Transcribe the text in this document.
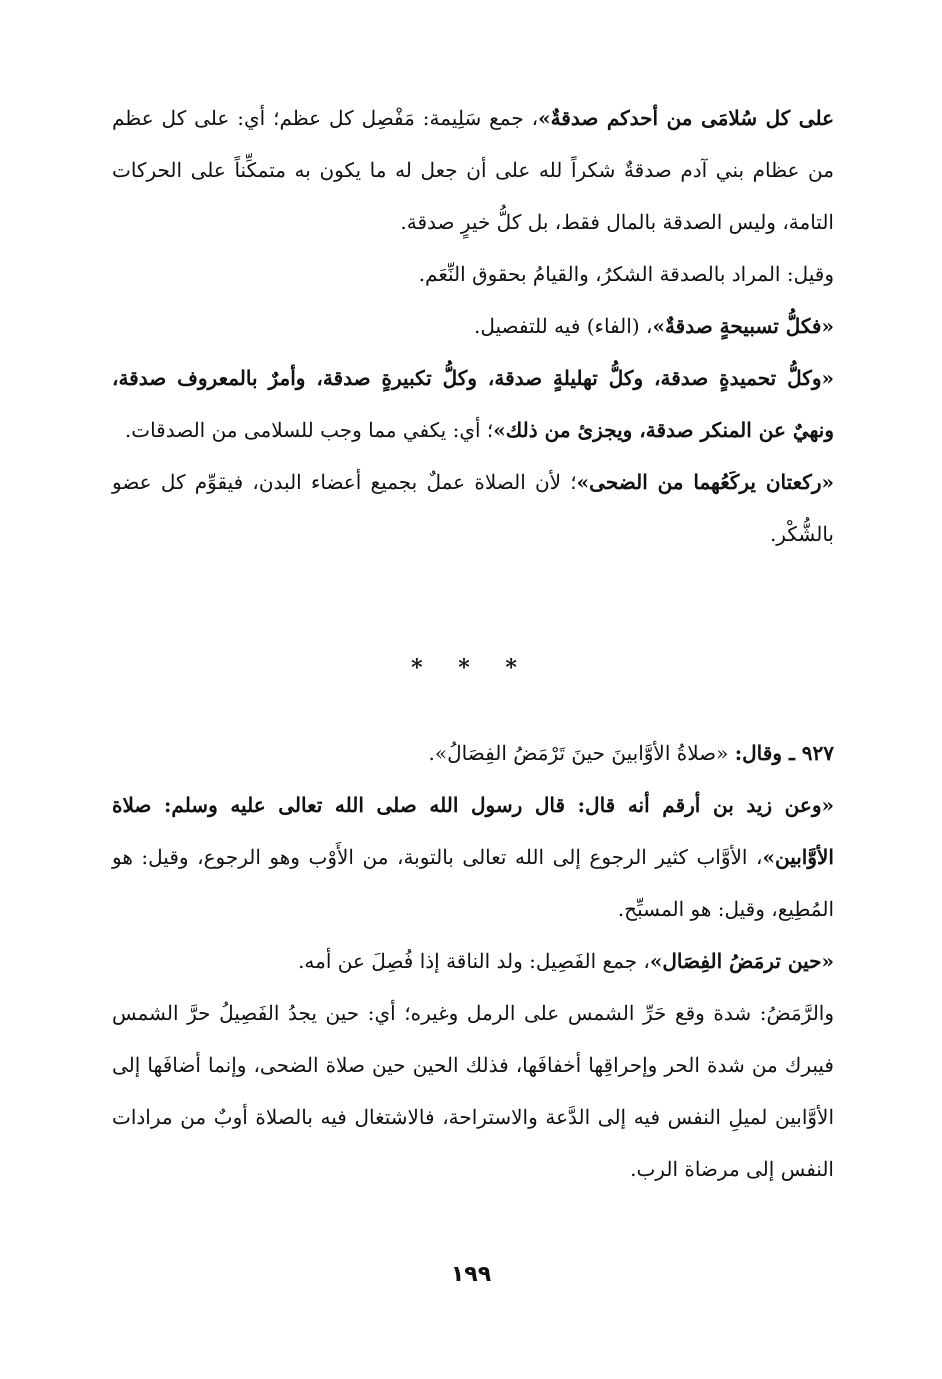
على كل سُلامَى من أحدكم صدقةٌ»، جمع سَلِيمة: مَفْصِل كل عظم؛ أي: على كل عظم من عظام بني آدم صدقةٌ شكراً لله على أن جعل له ما يكون به متمكِّناً على الحركات التامة، وليس الصدقة بالمال فقط، بل كلُّ خيرٍ صدقة.

وقيل: المراد بالصدقة الشكرُ، والقيامُ بحقوق النِّعَم.

«فكلُّ تسبيحةٍ صدقةٌ»، (الفاء) فيه للتفصيل.

«وكلُّ تحميدةٍ صدقة، وكلُّ تهليلةٍ صدقة، وكلُّ تكبيرةٍ صدقة، وأمرٌ بالمعروف صدقة، ونهيٌ عن المنكر صدقة، ويجزئ من ذلك»؛ أي: يكفي مما وجب للسلامى من الصدقات.

«ركعتان يركَعُهما من الضحى»؛ لأن الصلاة عملٌ بجميع أعضاء البدن، فيقوِّم كل عضو بالشُّكْر.

* * *

٩٢٧ ـ وقال: «صلاةُ الأوَّابينَ حينَ تَرْمَضُ الفِصَالُ».

«وعن زيد بن أرقم أنه قال: قال رسول الله صلى الله تعالى عليه وسلم: صلاة الأوَّابين»، الأوَّاب كثير الرجوع إلى الله تعالى بالتوبة، من الأَوْب وهو الرجوع، وقيل: هو المُطِيع، وقيل: هو المسبِّح.

«حين ترمَضُ الفِصَال»، جمع الفَصِيل: ولد الناقة إذا فُصِلَ عن أمه.

والرَّمَضُ: شدة وقع حَرِّ الشمس على الرمل وغيره؛ أي: حين يجدُ الفَصِيلُ حرَّ الشمس فيبرك من شدة الحر وإحراقِها أخفافَها، فذلك الحين حين صلاة الضحى، وإنما أضافَها إلى الأوَّابين لميلِ النفس فيه إلى الدَّعة والاستراحة، فالاشتغال فيه بالصلاة أوبٌ من مرادات النفس إلى مرضاة الرب.

١٩٩
